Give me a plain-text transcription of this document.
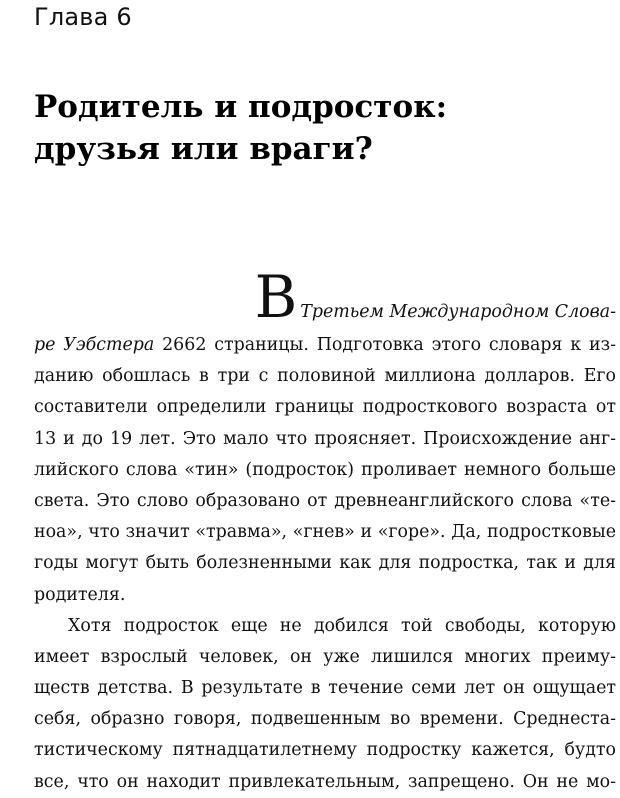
Глава 6
Родитель и подросток:
друзья или враги?
В Третьем Международном Слова-
ре Уэбстера 2662 страницы. Подготовка этого словаря к из-
данию обошлась в три с половиной миллиона долларов. Его
составители определили границы подросткового возраста от
13 и до 19 лет. Это мало что проясняет. Происхождение анг-
лийского слова «тин» (подросток) проливает немного больше
света. Это слово образовано от древнеанглийского слова «те-
ноа», что значит «травма», «гнев» и «горе». Да, подростковые
годы могут быть болезненными как для подростка, так и для
родителя.
Хотя подросток еще не добился той свободы, которую
имеет взрослый человек, он уже лишился многих преиму-
ществ детства. В результате в течение семи лет он ощущает
себя, образно говоря, подвешенным во времени. Среднеста-
тистическому пятнадцатилетнему подростку кажется, будто
все, что он находит привлекательным, запрещено. Он не мо-
